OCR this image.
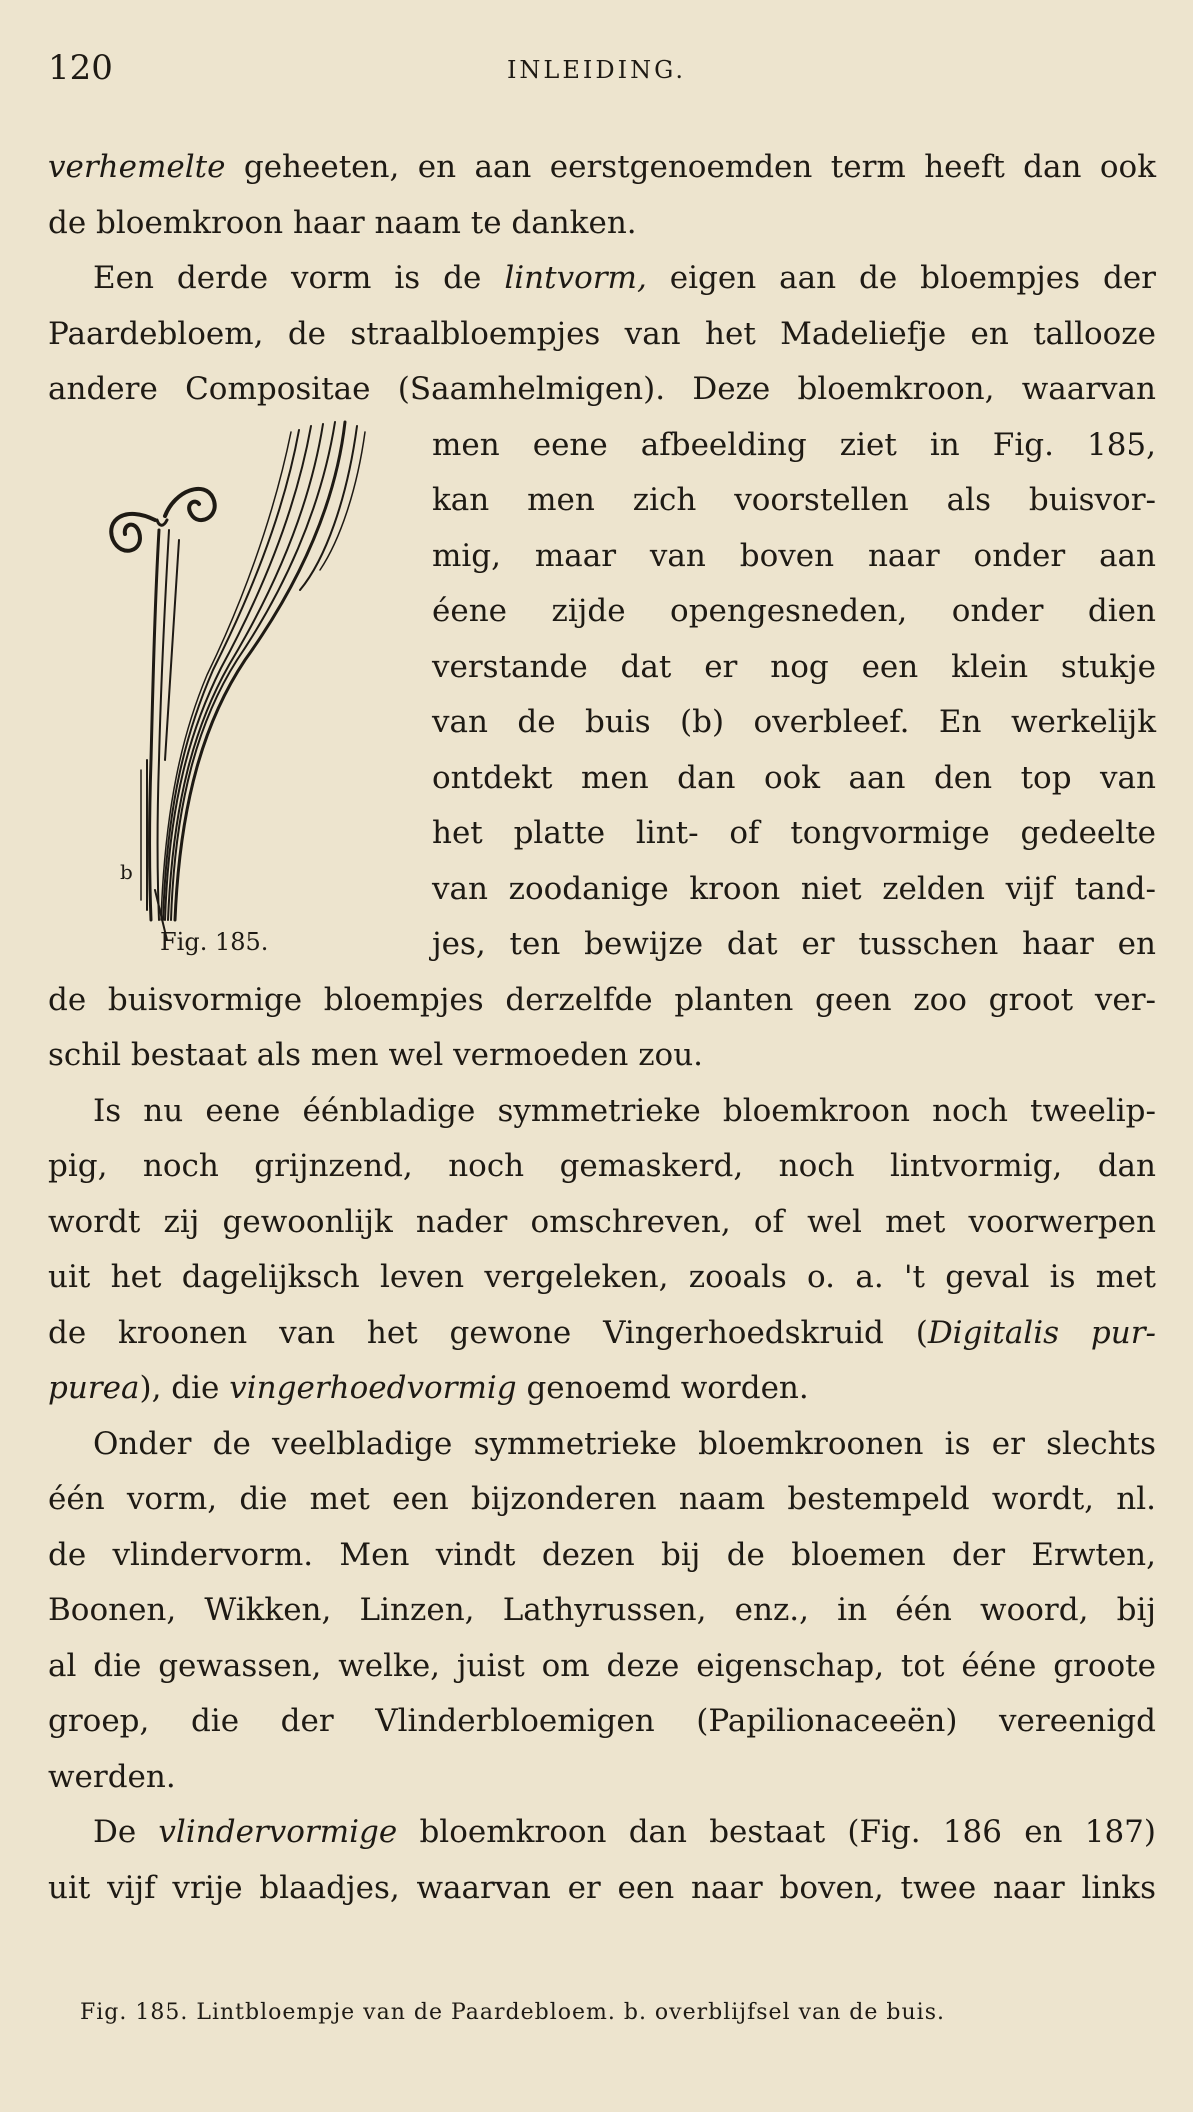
120	INLEIDING.
b
Fig. 185.
verhemelte geheeten, en aan eerstgenoemden term heeft dan ook
de bloemkroon haar naam te danken.
Een derde vorm is de lintvorm, eigen aan de bloempjes der
Paardebloem, de straalbloempjes van het Madeliefje en tallooze
andere Compositae (Saamhelmigen). Deze bloemkroon, waarvan
men eene afbeelding ziet in Fig. 185,
kan men zich voorstellen als buisvor-
mig, maar van boven naar onder aan
éene zijde opengesneden, onder dien
verstande dat er nog een klein stukje
van de buis (b) overbleef. En werkelijk
ontdekt men dan ook aan den top van
het platte lint- of tongvormige gedeelte
van zoodanige kroon niet zelden vijf tand-
jes, ten bewijze dat er tusschen haar en
de buisvormige bloempjes derzelfde planten geen zoo groot ver-
schil bestaat als men wel vermoeden zou.
Is nu eene éénbladige symmetrieke bloemkroon noch tweelip-
pig, noch grijnzend, noch gemaskerd, noch lintvormig, dan
wordt zij gewoonlijk nader omschreven, of wel met voorwerpen
uit het dagelijksch leven vergeleken, zooals o. a. 't geval is met
de kroonen van het gewone Vingerhoedskruid (Digitalis pur-
purea), die vingerhoedvormig genoemd worden.
Onder de veelbladige symmetrieke bloemkroonen is er slechts
één vorm, die met een bijzonderen naam bestempeld wordt, nl.
de vlindervorm. Men vindt dezen bij de bloemen der Erwten,
Boonen, Wikken, Linzen, Lathyrussen, enz., in één woord, bij
al die gewassen, welke, juist om deze eigenschap, tot ééne groote
groep, die der Vlinderbloemigen (Papilionaceeën) vereenigd
werden.
De vlindervormige bloemkroon dan bestaat (Fig. 186 en 187)
uit vijf vrije blaadjes, waarvan er een naar boven, twee naar links
Fig. 185. Lintbloempje van de Paardebloem. b. overblijfsel van de buis.
